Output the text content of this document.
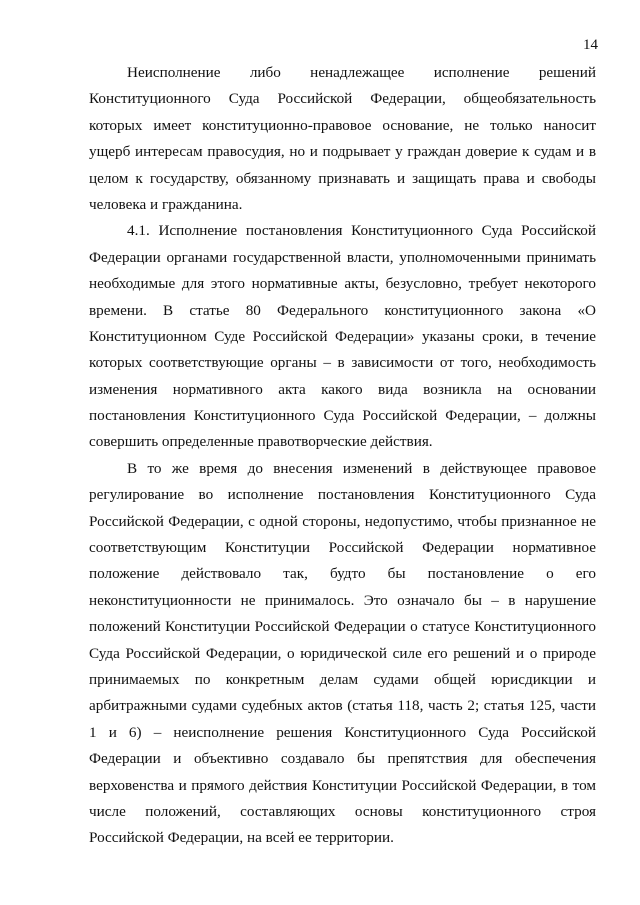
14
Неисполнение либо ненадлежащее исполнение решений
Конституционного Суда Российской Федерации, общеобязательность
которых имеет конституционно-правовое основание, не только наносит
ущерб интересам правосудия, но и подрывает у граждан доверие к судам и в
целом к государству, обязанному признавать и защищать права и свободы
человека и гражданина.
4.1. Исполнение постановления Конституционного Суда Российской
Федерации органами государственной власти, уполномоченными принимать
необходимые для этого нормативные акты, безусловно, требует некоторого
времени. В статье 80 Федерального конституционного закона «О
Конституционном Суде Российской Федерации» указаны сроки, в течение
которых соответствующие органы – в зависимости от того, необходимость
изменения нормативного акта какого вида возникла на основании
постановления Конституционного Суда Российской Федерации, – должны
совершить определенные правотворческие действия.
В то же время до внесения изменений в действующее правовое
регулирование во исполнение постановления Конституционного Суда
Российской Федерации, с одной стороны, недопустимо, чтобы признанное не
соответствующим Конституции Российской Федерации нормативное
положение действовало так, будто бы постановление о его
неконституционности не принималось. Это означало бы – в нарушение
положений Конституции Российской Федерации о статусе Конституционного
Суда Российской Федерации, о юридической силе его решений и о природе
принимаемых по конкретным делам судами общей юрисдикции и
арбитражными судами судебных актов (статья 118, часть 2; статья 125, части
1 и 6) – неисполнение решения Конституционного Суда Российской
Федерации и объективно создавало бы препятствия для обеспечения
верховенства и прямого действия Конституции Российской Федерации, в том
числе положений, составляющих основы конституционного строя
Российской Федерации, на всей ее территории.
